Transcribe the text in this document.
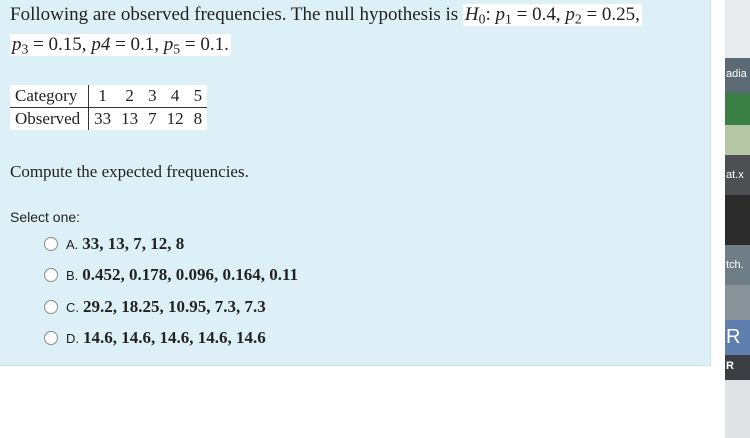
Following are observed frequencies. The null hypothesis is $H_0$: $p_1 = 0.4$, $p_2 = 0.25$,
$p_3 = 0.15$, p4 = 0.1, $p_5 = 0.1$.
Category	1	2	3	4	5
Observed	33	13	7	12	8
Compute the expected frequencies.
Select one:
A. 33, 13, 7, 12, 8
B. 0.452, 0.178, 0.096, 0.164, 0.11
C. 29.2, 18.25, 10.95, 7.3, 7.3
D. 14.6, 14.6, 14.6, 14.6, 14.6
adia
at.x
tch.
R
R
